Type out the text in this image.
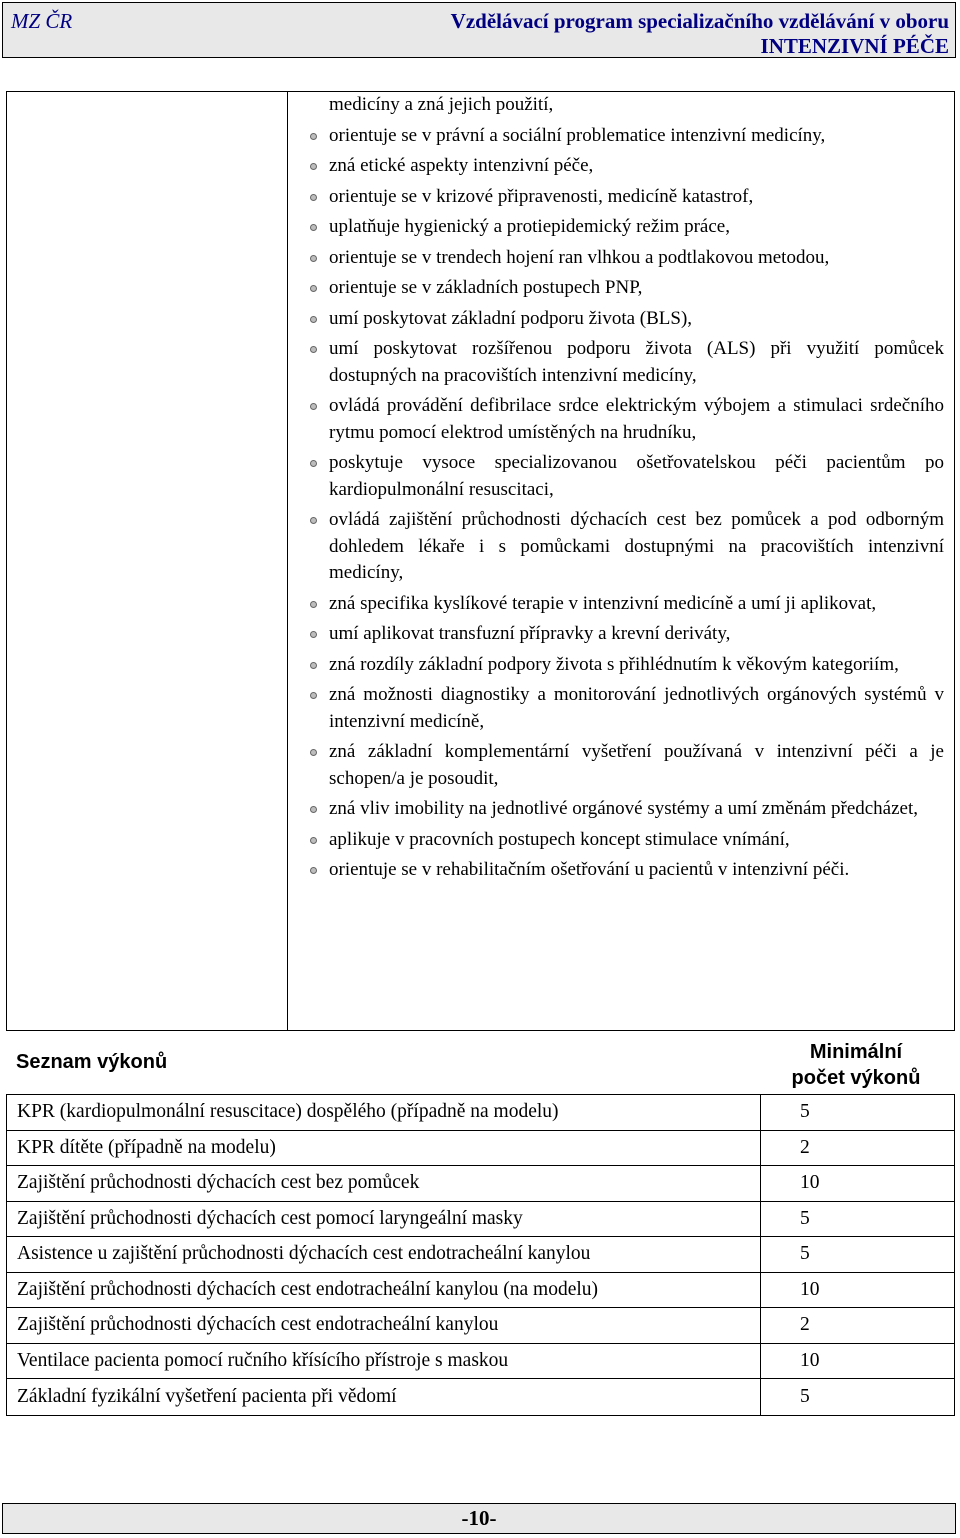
MZ ČR	Vzdělávací program specializačního vzdělávání v oboru
INTENZIVNÍ PÉČE
medicíny a zná jejich použití,
orientuje se v právní a sociální problematice intenzivní medicíny,
zná etické aspekty intenzivní péče,
orientuje se v krizové připravenosti, medicíně katastrof,
uplatňuje hygienický a protiepidemický režim práce,
orientuje se v trendech hojení ran vlhkou a podtlakovou metodou,
orientuje se v základních postupech PNP,
umí poskytovat základní podporu života (BLS),
umí poskytovat rozšířenou podporu života (ALS) při využití pomůcek dostupných na pracovištích intenzivní medicíny,
ovládá provádění defibrilace srdce elektrickým výbojem a stimulaci srdečního rytmu pomocí elektrod umístěných na hrudníku,
poskytuje vysoce specializovanou ošetřovatelskou péči pacientům po kardiopulmonální resuscitaci,
ovládá zajištění průchodnosti dýchacích cest bez pomůcek a pod odborným dohledem lékaře i s pomůckami dostupnými na pracovištích intenzivní medicíny,
zná specifika kyslíkové terapie v intenzivní medicíně a umí ji aplikovat,
umí aplikovat transfuzní přípravky a krevní deriváty,
zná rozdíly základní podpory života s přihlédnutím k věkovým kategoriím,
zná možnosti diagnostiky a monitorování jednotlivých orgánových systémů v intenzivní medicíně,
zná základní komplementární vyšetření používaná v intenzivní péči a je schopen/a je posoudit,
zná vliv imobility na jednotlivé orgánové systémy a umí změnám předcházet,
aplikuje v pracovních postupech koncept stimulace vnímání,
orientuje se v rehabilitačním ošetřování u pacientů v intenzivní péči.
Seznam výkonů	Minimální
počet výkonů
KPR (kardiopulmonální resuscitace) dospělého (případně na modelu)	5
KPR dítěte (případně na modelu)	2
Zajištění průchodnosti dýchacích cest bez pomůcek	10
Zajištění průchodnosti dýchacích cest pomocí laryngeální masky	5
Asistence u zajištění průchodnosti dýchacích cest endotracheální kanylou	5
Zajištění průchodnosti dýchacích cest endotracheální kanylou (na modelu)	10
Zajištění průchodnosti dýchacích cest endotracheální kanylou	2
Ventilace pacienta pomocí ručního křísícího přístroje s maskou	10
Základní fyzikální vyšetření pacienta při vědomí	5
-10-
